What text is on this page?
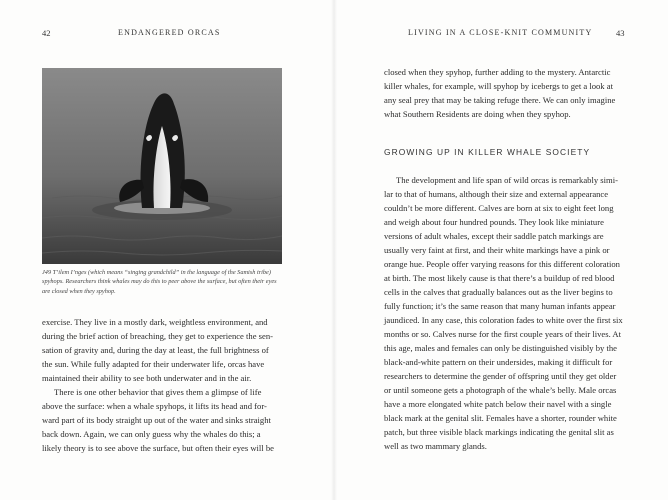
42	ENDANGERED ORCAS
J49 T’ilem I’nges (which means “singing grandchild” in the language of the Samish tribe) spyhops. Researchers think whales may do this to peer above the surface, but often their eyes are closed when they spyhop.
exercise. They live in a mostly dark, weightless environment, and
during the brief action of breaching, they get to experience the sen-
sation of gravity and, during the day at least, the full brightness of
the sun. While fully adapted for their underwater life, orcas have
maintained their ability to see both underwater and in the air.
There is one other behavior that gives them a glimpse of life
above the surface: when a whale spyhops, it lifts its head and for-
ward part of its body straight up out of the water and sinks straight
back down. Again, we can only guess why the whales do this; a
likely theory is to see above the surface, but often their eyes will be
LIVING IN A CLOSE-KNIT COMMUNITY	43
closed when they spyhop, further adding to the mystery. Antarctic
killer whales, for example, will spyhop by icebergs to get a look at
any seal prey that may be taking refuge there. We can only imagine
what Southern Residents are doing when they spyhop.
GROWING UP IN KILLER WHALE SOCIETY
The development and life span of wild orcas is remarkably simi-
lar to that of humans, although their size and external appearance
couldn’t be more different. Calves are born at six to eight feet long
and weigh about four hundred pounds. They look like miniature
versions of adult whales, except their saddle patch markings are
usually very faint at first, and their white markings have a pink or
orange hue. People offer varying reasons for this different coloration
at birth. The most likely cause is that there’s a buildup of red blood
cells in the calves that gradually balances out as the liver begins to
fully function; it’s the same reason that many human infants appear
jaundiced. In any case, this coloration fades to white over the first six
months or so. Calves nurse for the first couple years of their lives. At
this age, males and females can only be distinguished visibly by the
black-and-white pattern on their undersides, making it difficult for
researchers to determine the gender of offspring until they get older
or until someone gets a photograph of the whale’s belly. Male orcas
have a more elongated white patch below their navel with a single
black mark at the genital slit. Females have a shorter, rounder white
patch, but three visible black markings indicating the genital slit as
well as two mammary glands.
